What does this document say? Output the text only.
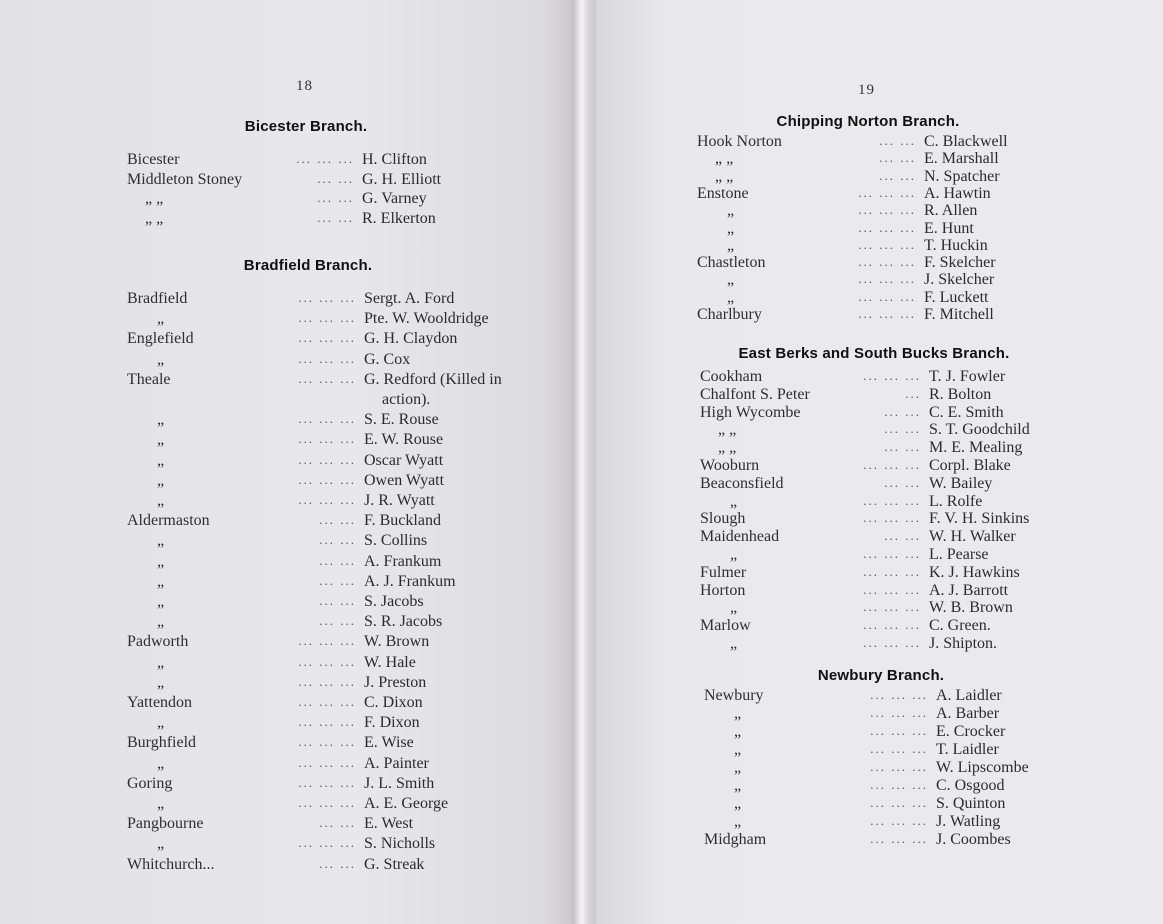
18
Bicester Branch.
Bicester	... ... ... H. Clifton
Middleton Stoney	... ... G. H. Elliott
„ „	... ... G. Varney
„ „	... ... R. Elkerton
Bradfield Branch.
Bradfield	... ... ... Sergt. A. Ford
„	... ... ... Pte. W. Wooldridge
Englefield	... ... ... G. H. Claydon
„	... ... ... G. Cox
Theale	... ... ... G. Redford (Killed in
action).
„	... ... ... S. E. Rouse
„	... ... ... E. W. Rouse
„	... ... ... Oscar Wyatt
„	... ... ... Owen Wyatt
„	... ... ... J. R. Wyatt
Aldermaston	... ... F. Buckland
„	... ... S. Collins
„	... ... A. Frankum
„	... ... A. J. Frankum
„	... ... S. Jacobs
„	... ... S. R. Jacobs
Padworth	... ... ... W. Brown
„	... ... ... W. Hale
„	... ... ... J. Preston
Yattendon	... ... ... C. Dixon
„	... ... ... F. Dixon
Burghfield	... ... ... E. Wise
„	... ... ... A. Painter
Goring	... ... ... J. L. Smith
„	... ... ... A. E. George
Pangbourne	... ... E. West
„	... ... ... S. Nicholls
Whitchurch...	... ... G. Streak
19
Chipping Norton Branch.
Hook Norton	... ... C. Blackwell
„ „	... ... E. Marshall
„ „	... ... N. Spatcher
Enstone	... ... ... A. Hawtin
„	... ... ... R. Allen
„	... ... ... E. Hunt
„	... ... ... T. Huckin
Chastleton	... ... ... F. Skelcher
„	... ... ... J. Skelcher
„	... ... ... F. Luckett
Charlbury	... ... ... F. Mitchell
East Berks and South Bucks Branch.
Cookham	... ... ... T. J. Fowler
Chalfont S. Peter	... R. Bolton
High Wycombe	... ... C. E. Smith
„ „	... ... S. T. Goodchild
„ „	... ... M. E. Mealing
Wooburn	... ... ... Corpl. Blake
Beaconsfield	... ... W. Bailey
„	... ... ... L. Rolfe
Slough	... ... ... F. V. H. Sinkins
Maidenhead	... ... W. H. Walker
„	... ... ... L. Pearse
Fulmer	... ... ... K. J. Hawkins
Horton	... ... ... A. J. Barrott
„	... ... ... W. B. Brown
Marlow	... ... ... C. Green.
„	... ... ... J. Shipton.
Newbury Branch.
Newbury	... ... ... A. Laidler
„	... ... ... A. Barber
„	... ... ... E. Crocker
„	... ... ... T. Laidler
„	... ... ... W. Lipscombe
„	... ... ... C. Osgood
„	... ... ... S. Quinton
„	... ... ... J. Watling
Midgham	... ... ... J. Coombes
